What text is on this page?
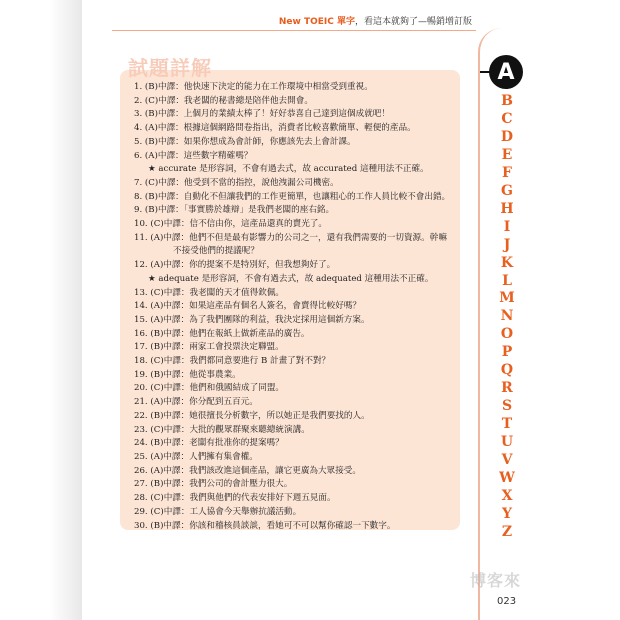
New TOEIC 單字，看這本就夠了—暢銷增訂版
試題詳解
1. (B)中譯：他快速下決定的能力在工作環境中相當受到重視。
2. (C)中譯：我老闆的秘書總是陪伴他去開會。
3. (B)中譯：上個月的業績太棒了！好好恭喜自己達到這個成就吧！
4. (A)中譯：根據這個網路問卷指出，消費者比較喜歡簡單、輕便的產品。
5. (B)中譯：如果你想成為會計師，你應該先去上會計課。
6. (A)中譯：這些數字精確嗎？
★ accurate 是形容詞，不會有過去式，故 accurated 這種用法不正確。
7. (C)中譯：他受到不當的指控，說他洩漏公司機密。
8. (B)中譯：自動化不但讓我們的工作更簡單，也讓粗心的工作人員比較不會出錯。
9. (B)中譯：「事實勝於雄辯」是我們老闆的座右銘。
10. (C)中譯：信不信由你，這產品還真的賣光了。
11. (A)中譯：他們不但是最有影響力的公司之一，還有我們需要的一切資源。幹嘛
不接受他們的提議呢？
12. (A)中譯：你的提案不是特別好，但我想夠好了。
★ adequate 是形容詞，不會有過去式，故 adequated 這種用法不正確。
13. (C)中譯：我老闆的天才值得欽佩。
14. (A)中譯：如果這產品有個名人簽名，會賣得比較好嗎？
15. (A)中譯：為了我們團隊的利益，我決定採用這個新方案。
16. (B)中譯：他們在報紙上做新產品的廣告。
17. (B)中譯：兩家工會投票決定聯盟。
18. (C)中譯：我們都同意要進行 B 計畫了對不對？
19. (B)中譯：他從事農業。
20. (C)中譯：他們和俄國結成了同盟。
21. (A)中譯：你分配到五百元。
22. (B)中譯：她很擅長分析數字，所以她正是我們要找的人。
23. (C)中譯：大批的觀眾群聚來聽總統演講。
24. (B)中譯：老闆有批准你的提案嗎？
25. (A)中譯：人們擁有集會權。
26. (A)中譯：我們該改進這個產品，讓它更廣為大眾接受。
27. (B)中譯：我們公司的會計壓力很大。
28. (C)中譯：我們與他們的代表安排好下週五見面。
29. (C)中譯：工人協會今天舉辦抗議活動。
30. (B)中譯：你該和稽核員談談，看她可不可以幫你確認一下數字。
A
B
C
D
E
F
G
H
I
J
K
L
M
N
O
P
Q
R
S
T
U
V
W
X
Y
Z
博客來
023
